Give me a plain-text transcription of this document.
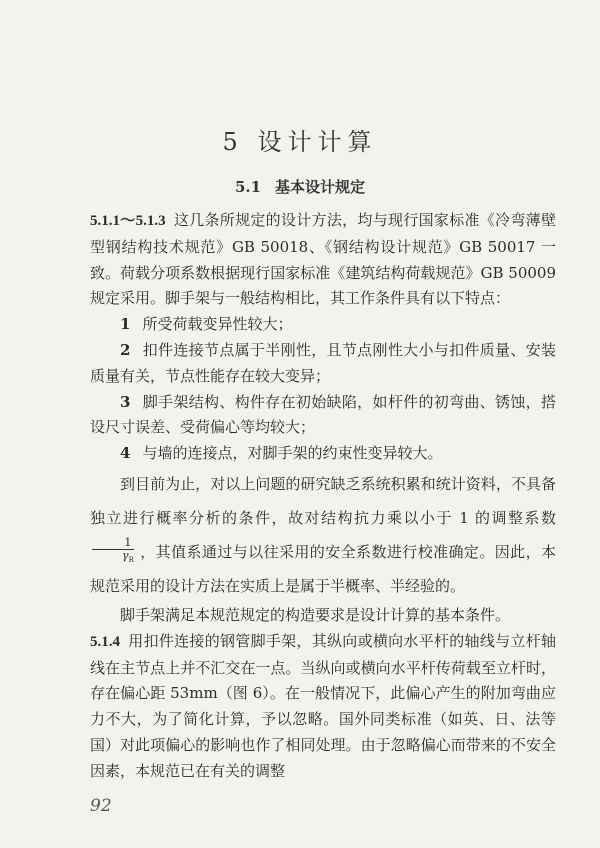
5 设计计算
5.1 基本设计规定

5.1.1～5.1.3 这几条所规定的设计方法，均与现行国家标准《冷弯薄壁型钢结构技术规范》GB 50018、《钢结构设计规范》GB 50017 一致。荷载分项系数根据现行国家标准《建筑结构荷载规范》GB 50009 规定采用。脚手架与一般结构相比，其工作条件具有以下特点：

1 所受荷载变异性较大；

2 扣件连接节点属于半刚性，且节点刚性大小与扣件质量、安装质量有关，节点性能存在较大变异；

3 脚手架结构、构件存在初始缺陷，如杆件的初弯曲、锈蚀，搭设尺寸误差、受荷偏心等均较大；

4 与墙的连接点，对脚手架的约束性变异较大。

到目前为止，对以上问题的研究缺乏系统积累和统计资料，不具备独立进行概率分析的条件，故对结构抗力乘以小于 1 的调整系数
$\frac{1}{\gamma_R}$ ，其值系通过与以往采用的安全系数进行校准确定。因此，本规范采用的设计方法在实质上是属于半概率、半经验的。

脚手架满足本规范规定的构造要求是设计计算的基本条件。

5.1.4 用扣件连接的钢管脚手架，其纵向或横向水平杆的轴线与立杆轴线在主节点上并不汇交在一点。当纵向或横向水平杆传荷载至立杆时，存在偏心距 53mm（图 6）。在一般情况下，此偏心产生的附加弯曲应力不大，为了简化计算，予以忽略。国外同类标准（如英、日、法等国）对此项偏心的影响也作了相同处理。由于忽略偏心而带来的不安全因素，本规范已在有关的调整

92
